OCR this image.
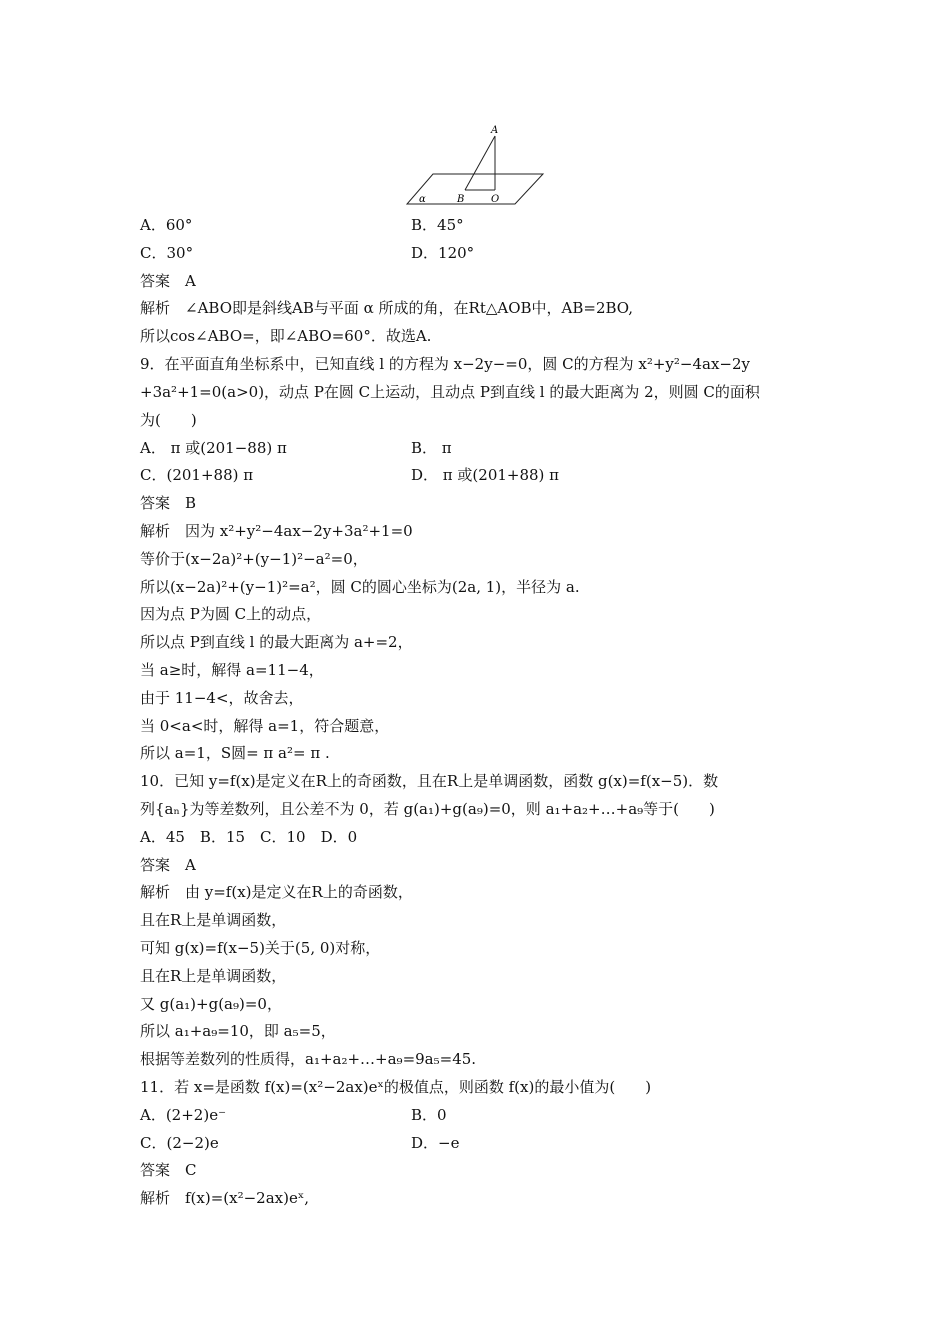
A
B	O
α
A．60°	B．45°
C．30°	D．120°
答案　A
解析　∠ABO即是斜线AB与平面 α 所成的角，在Rt△AOB中，AB=2BO,
所以cos∠ABO=，即∠ABO=60°．故选A.
9．在平面直角坐标系中，已知直线 l 的方程为 x−2y−=0，圆 C的方程为 x²+y²−4ax−2y
+3a²+1=0(a>0)，动点 P在圆 C上运动，且动点 P到直线 l 的最大距离为 2，则圆 C的面积
为(　　)
A． π 或(201−88) π	B． π
C．(201+88) π	D． π 或(201+88) π
答案　B
解析　因为 x²+y²−4ax−2y+3a²+1=0
等价于(x−2a)²+(y−1)²−a²=0，
所以(x−2a)²+(y−1)²=a²，圆 C的圆心坐标为(2a, 1)，半径为 a.
因为点 P为圆 C上的动点，
所以点 P到直线 l 的最大距离为 a+=2，
当 a≥时，解得 a=11−4，
由于 11−4<，故舍去，
当 0<a<时，解得 a=1，符合题意，
所以 a=1，S圆= π a²= π .
10．已知 y=f(x)是定义在R上的奇函数，且在R上是单调函数，函数 g(x)=f(x−5)．数
列{aₙ}为等差数列，且公差不为 0，若 g(a₁)+g(a₉)=0，则 a₁+a₂+…+a₉等于(　　)
A．45　B．15　C．10　D．0
答案　A
解析　由 y=f(x)是定义在R上的奇函数，
且在R上是单调函数，
可知 g(x)=f(x−5)关于(5, 0)对称，
且在R上是单调函数，
又 g(a₁)+g(a₉)=0，
所以 a₁+a₉=10，即 a₅=5，
根据等差数列的性质得，a₁+a₂+…+a₉=9a₅=45.
11．若 x=是函数 f(x)=(x²−2ax)eˣ的极值点，则函数 f(x)的最小值为(　　)
A．(2+2)e⁻	B．0
C．(2−2)e	D．−e
答案　C
解析　f(x)=(x²−2ax)eˣ,
